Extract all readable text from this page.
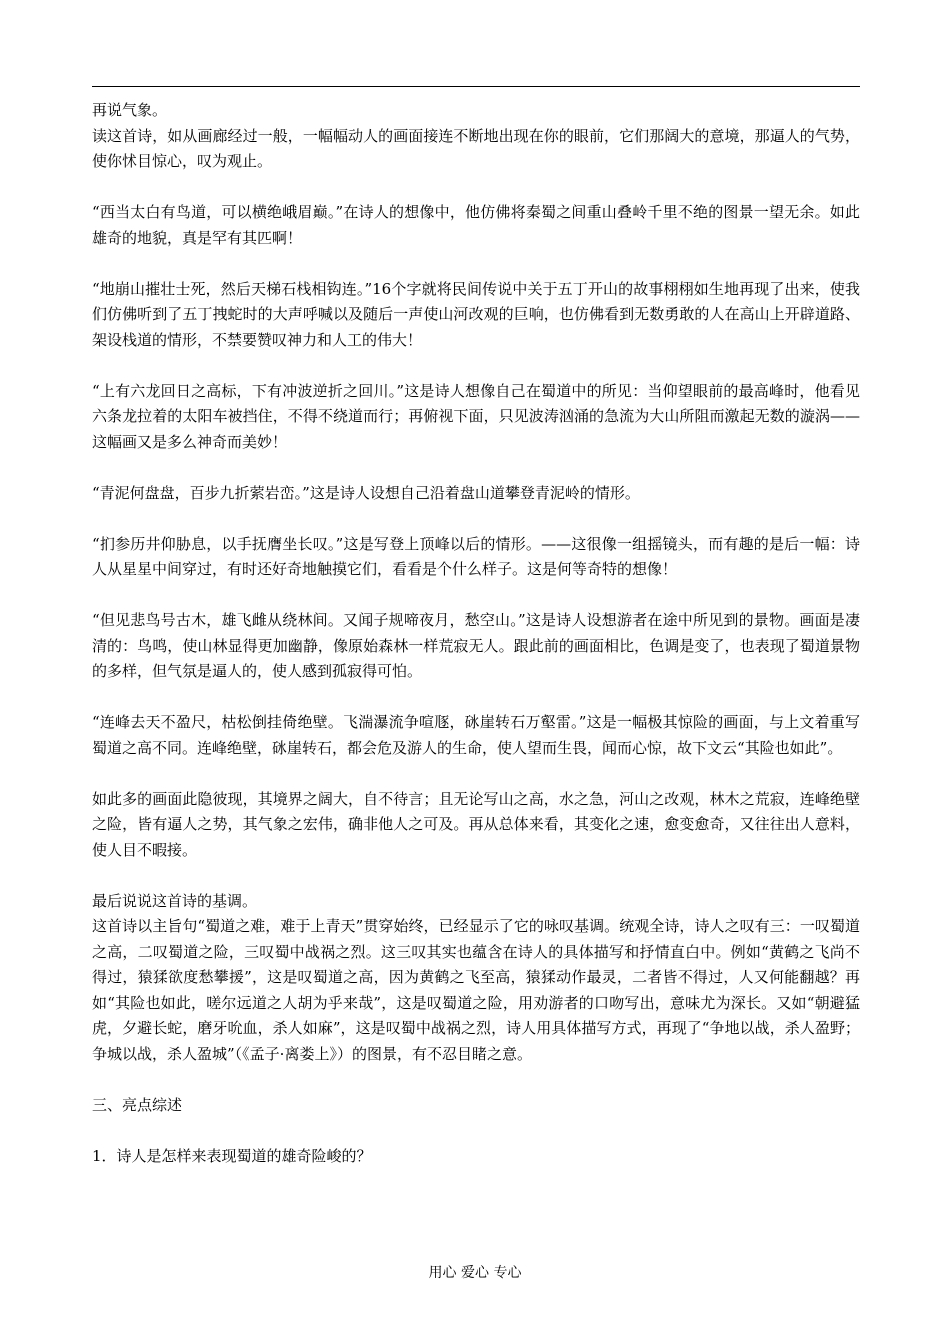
再说气象。

读这首诗，如从画廊经过一般，一幅幅动人的画面接连不断地出现在你的眼前，它们那阔大的意境，那逼人的气势，使你怵目惊心，叹为观止。

“西当太白有鸟道，可以横绝峨眉巅。”在诗人的想像中，他仿佛将秦蜀之间重山叠岭千里不绝的图景一望无余。如此雄奇的地貌，真是罕有其匹啊！

“地崩山摧壮士死，然后天梯石栈相钩连。”16个字就将民间传说中关于五丁开山的故事栩栩如生地再现了出来，使我们仿佛听到了五丁拽蛇时的大声呼喊以及随后一声使山河改观的巨响，也仿佛看到无数勇敢的人在高山上开辟道路、架设栈道的情形，不禁要赞叹神力和人工的伟大！

“上有六龙回日之高标，下有冲波逆折之回川。”这是诗人想像自己在蜀道中的所见：当仰望眼前的最高峰时，他看见六条龙拉着的太阳车被挡住，不得不绕道而行；再俯视下面，只见波涛汹涌的急流为大山所阻而激起无数的漩涡——这幅画又是多么神奇而美妙！

“青泥何盘盘，百步九折萦岩峦。”这是诗人设想自己沿着盘山道攀登青泥岭的情形。

“扪参历井仰胁息，以手抚膺坐长叹。”这是写登上顶峰以后的情形。——这很像一组摇镜头，而有趣的是后一幅：诗人从星星中间穿过，有时还好奇地触摸它们，看看是个什么样子。这是何等奇特的想像！

“但见悲鸟号古木，雄飞雌从绕林间。又闻子规啼夜月，愁空山。”这是诗人设想游者在途中所见到的景物。画面是凄清的：鸟鸣，使山林显得更加幽静，像原始森林一样荒寂无人。跟此前的画面相比，色调是变了，也表现了蜀道景物的多样，但气氛是逼人的，使人感到孤寂得可怕。

“连峰去天不盈尺，枯松倒挂倚绝壁。飞湍瀑流争喧豗，砯崖转石万壑雷。”这是一幅极其惊险的画面，与上文着重写蜀道之高不同。连峰绝壁，砯崖转石，都会危及游人的生命，使人望而生畏，闻而心惊，故下文云“其险也如此”。

如此多的画面此隐彼现，其境界之阔大，自不待言；且无论写山之高，水之急，河山之改观，林木之荒寂，连峰绝壁之险，皆有逼人之势，其气象之宏伟，确非他人之可及。再从总体来看，其变化之速，愈变愈奇，又往往出人意料，使人目不暇接。

最后说说这首诗的基调。

这首诗以主旨句“蜀道之难，难于上青天”贯穿始终，已经显示了它的咏叹基调。统观全诗，诗人之叹有三：一叹蜀道之高，二叹蜀道之险，三叹蜀中战祸之烈。这三叹其实也蕴含在诗人的具体描写和抒情直白中。例如“黄鹤之飞尚不得过，猿猱欲度愁攀援”，这是叹蜀道之高，因为黄鹤之飞至高，猿猱动作最灵，二者皆不得过，人又何能翻越？再如“其险也如此，嗟尔远道之人胡为乎来哉”，这是叹蜀道之险，用劝游者的口吻写出，意味尤为深长。又如“朝避猛虎，夕避长蛇，磨牙吮血，杀人如麻”，这是叹蜀中战祸之烈，诗人用具体描写方式，再现了“争地以战，杀人盈野；争城以战，杀人盈城”（《孟子·离娄上》）的图景，有不忍目睹之意。

三、亮点综述

1．诗人是怎样来表现蜀道的雄奇险峻的？

用心 爱心 专心
